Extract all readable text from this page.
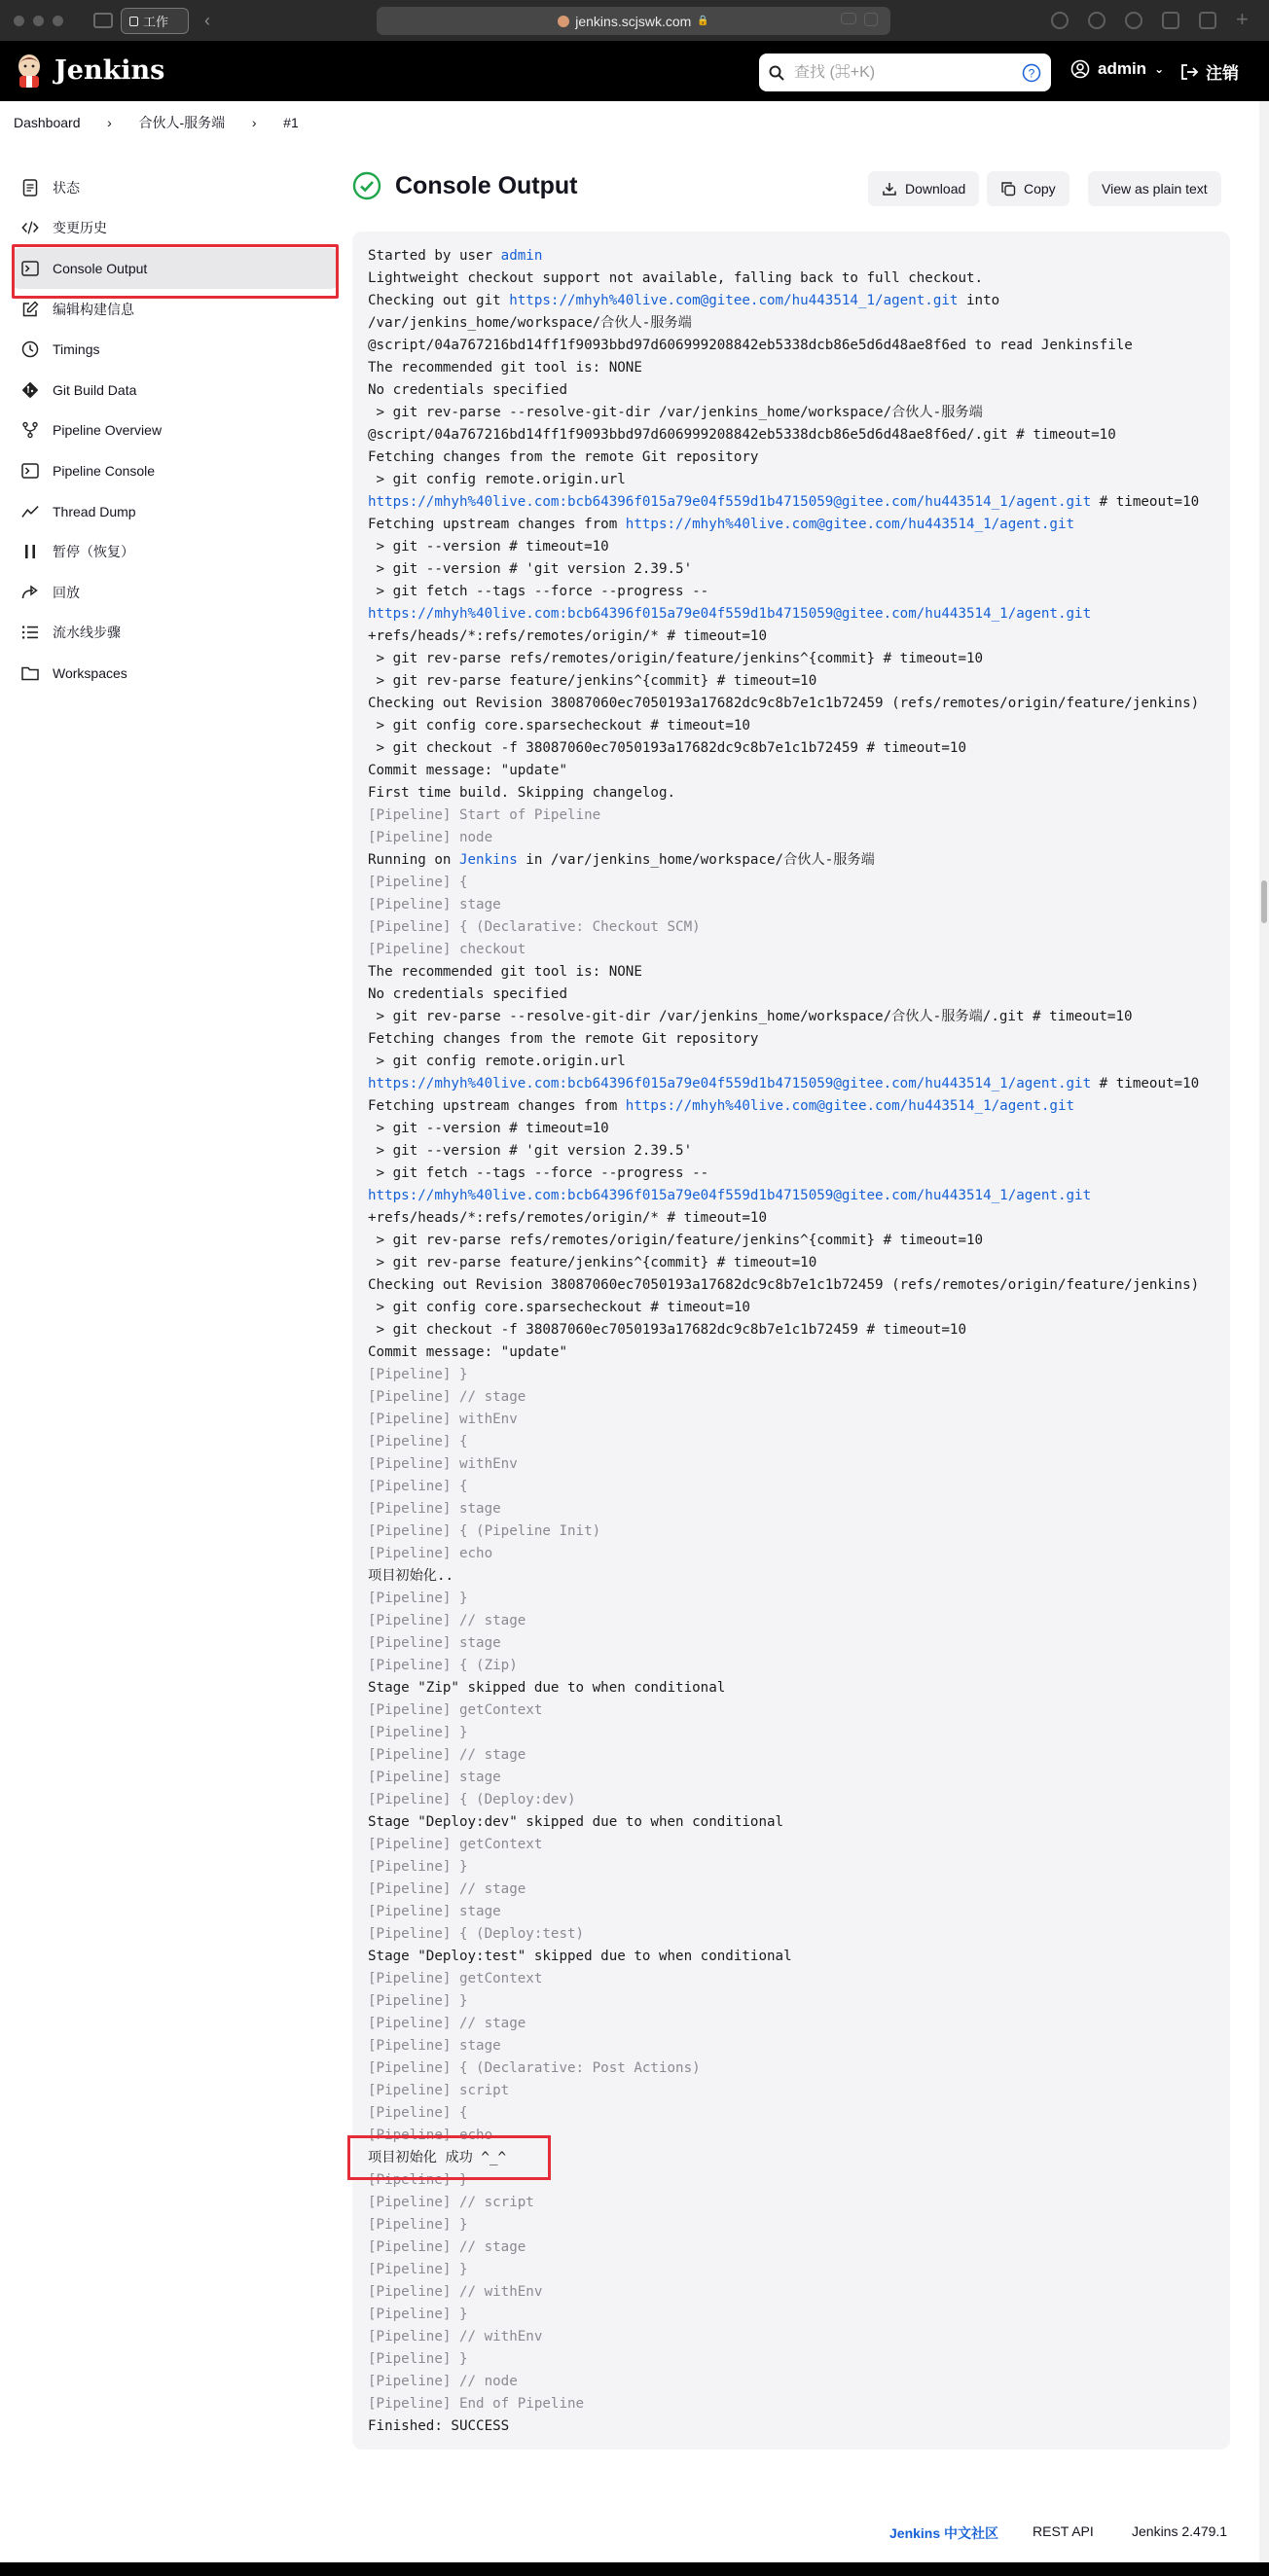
工作 ‹	jenkins.scjswk.com 🔒	+
Jenkins
查找 (⌘+K)	?	admin ⌄	注销
Dashboard	›	合伙人-服务端	›	#1
状态
变更历史
Console Output
编辑构建信息
Timings
Git Build Data
Pipeline Overview
Pipeline Console
Thread Dump
暂停（恢复）
回放
流水线步骤
Workspaces
Console Output	Download	Copy	View as plain text
Started by user admin
Lightweight checkout support not available, falling back to full checkout.
Checking out git https://mhyh%40live.com@gitee.com/hu443514_1/agent.git into
/var/jenkins_home/workspace/合伙人-服务端
@script/04a767216bd14ff1f9093bbd97d606999208842eb5338dcb86e5d6d48ae8f6ed to read Jenkinsfile
The recommended git tool is: NONE
No credentials specified
> git rev-parse --resolve-git-dir /var/jenkins_home/workspace/合伙人-服务端
@script/04a767216bd14ff1f9093bbd97d606999208842eb5338dcb86e5d6d48ae8f6ed/.git # timeout=10
Fetching changes from the remote Git repository
> git config remote.origin.url
https://mhyh%40live.com:bcb64396f015a79e04f559d1b4715059@gitee.com/hu443514_1/agent.git # timeout=10
Fetching upstream changes from https://mhyh%40live.com@gitee.com/hu443514_1/agent.git
> git --version # timeout=10
> git --version # 'git version 2.39.5'
> git fetch --tags --force --progress --
https://mhyh%40live.com:bcb64396f015a79e04f559d1b4715059@gitee.com/hu443514_1/agent.git
+refs/heads/*:refs/remotes/origin/* # timeout=10
> git rev-parse refs/remotes/origin/feature/jenkins^{commit} # timeout=10
> git rev-parse feature/jenkins^{commit} # timeout=10
Checking out Revision 38087060ec7050193a17682dc9c8b7e1c1b72459 (refs/remotes/origin/feature/jenkins)
> git config core.sparsecheckout # timeout=10
> git checkout -f 38087060ec7050193a17682dc9c8b7e1c1b72459 # timeout=10
Commit message: "update"
First time build. Skipping changelog.
[Pipeline] Start of Pipeline
[Pipeline] node
Running on Jenkins in /var/jenkins_home/workspace/合伙人-服务端
[Pipeline] {
[Pipeline] stage
[Pipeline] { (Declarative: Checkout SCM)
[Pipeline] checkout
The recommended git tool is: NONE
No credentials specified
> git rev-parse --resolve-git-dir /var/jenkins_home/workspace/合伙人-服务端/.git # timeout=10
Fetching changes from the remote Git repository
> git config remote.origin.url
https://mhyh%40live.com:bcb64396f015a79e04f559d1b4715059@gitee.com/hu443514_1/agent.git # timeout=10
Fetching upstream changes from https://mhyh%40live.com@gitee.com/hu443514_1/agent.git
> git --version # timeout=10
> git --version # 'git version 2.39.5'
> git fetch --tags --force --progress --
https://mhyh%40live.com:bcb64396f015a79e04f559d1b4715059@gitee.com/hu443514_1/agent.git
+refs/heads/*:refs/remotes/origin/* # timeout=10
> git rev-parse refs/remotes/origin/feature/jenkins^{commit} # timeout=10
> git rev-parse feature/jenkins^{commit} # timeout=10
Checking out Revision 38087060ec7050193a17682dc9c8b7e1c1b72459 (refs/remotes/origin/feature/jenkins)
> git config core.sparsecheckout # timeout=10
> git checkout -f 38087060ec7050193a17682dc9c8b7e1c1b72459 # timeout=10
Commit message: "update"
[Pipeline] }
[Pipeline] // stage
[Pipeline] withEnv
[Pipeline] {
[Pipeline] withEnv
[Pipeline] {
[Pipeline] stage
[Pipeline] { (Pipeline Init)
[Pipeline] echo
项目初始化..
[Pipeline] }
[Pipeline] // stage
[Pipeline] stage
[Pipeline] { (Zip)
Stage "Zip" skipped due to when conditional
[Pipeline] getContext
[Pipeline] }
[Pipeline] // stage
[Pipeline] stage
[Pipeline] { (Deploy:dev)
Stage "Deploy:dev" skipped due to when conditional
[Pipeline] getContext
[Pipeline] }
[Pipeline] // stage
[Pipeline] stage
[Pipeline] { (Deploy:test)
Stage "Deploy:test" skipped due to when conditional
[Pipeline] getContext
[Pipeline] }
[Pipeline] // stage
[Pipeline] stage
[Pipeline] { (Declarative: Post Actions)
[Pipeline] script
[Pipeline] {
[Pipeline] echo
项目初始化 成功 ^_^
[Pipeline] }
[Pipeline] // script
[Pipeline] }
[Pipeline] // stage
[Pipeline] }
[Pipeline] // withEnv
[Pipeline] }
[Pipeline] // withEnv
[Pipeline] }
[Pipeline] // node
[Pipeline] End of Pipeline
Finished: SUCCESS
Jenkins 中文社区 REST API	Jenkins 2.479.1
